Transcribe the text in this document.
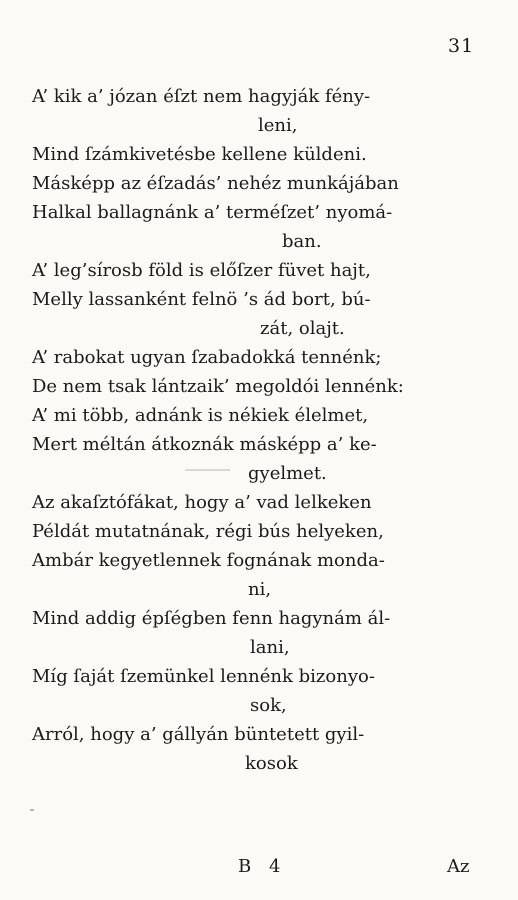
31
A’ kik a’ józan éſzt nem hagyják fény-
leni,
Mind ſzámkivetésbe kellene küldeni.
Másképp az éſzadás’ nehéz munkájában
Halkal ballagnánk a’ terméſzet’ nyomá-
ban.
A’ leg’sírosb föld is előſzer füvet hajt,
Melly lassanként felnö ’s ád bort, bú-
zát, olajt.
A’ rabokat ugyan ſzabadokká tennénk;
De nem tsak lántzaik’ megoldói lennénk:
A’ mi több, adnánk is nékiek élelmet,
Mert méltán átkoznák másképp a’ ke-
gyelmet.
Az akaſztófákat, hogy a’ vad lelkeken
Példát mutatnának, régi bús helyeken,
Ambár kegyetlennek fognának monda-
ni,
Mind addig épſégben fenn hagynám ál-
lani,
Míg ſaját ſzemünkel lennénk bizonyo-
sok,
Arról, hogy a’ gállyán büntetett gyil-
kosok
B 4	Az
